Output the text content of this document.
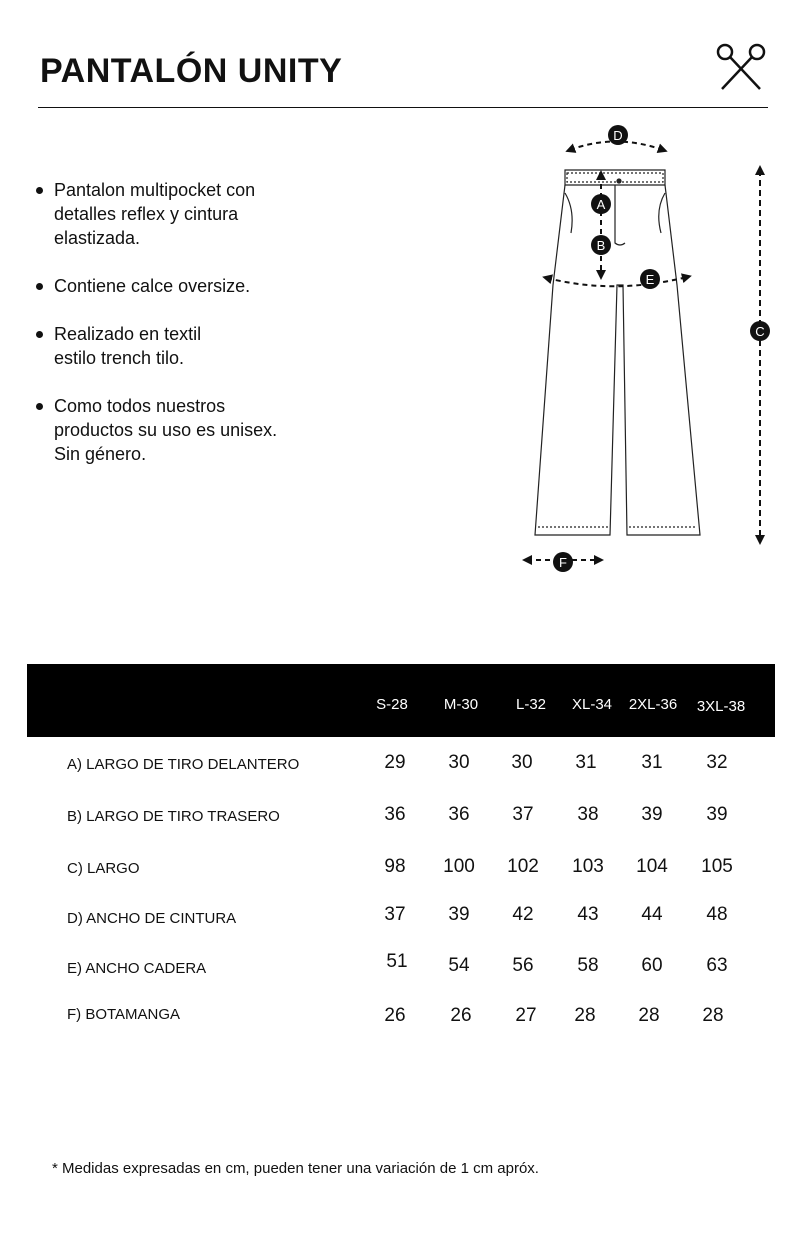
PANTALÓN UNITY
Pantalon multipocket con
detalles reflex y cintura
elastizada.
Contiene calce oversize.
Realizado en textil
estilo trench tilo.
Como todos nuestros
productos su uso es unisex.
Sin género.
D
A
B
E
C
F
S-28	M-30	L-32	XL-34	2XL-36	3XL-38
A) LARGO DE TIRO DELANTERO	29	30	30	31	31	32
B) LARGO DE TIRO TRASERO	36	36	37	38	39	39
C) LARGO	98	100	102	103	104	105
D) ANCHO DE CINTURA	37	39	42	43	44	48
E) ANCHO CADERA	51	54	56	58	60	63
F) BOTAMANGA	26	26	27	28	28	28
* Medidas expresadas en cm, pueden tener una variación de 1 cm apróx.
